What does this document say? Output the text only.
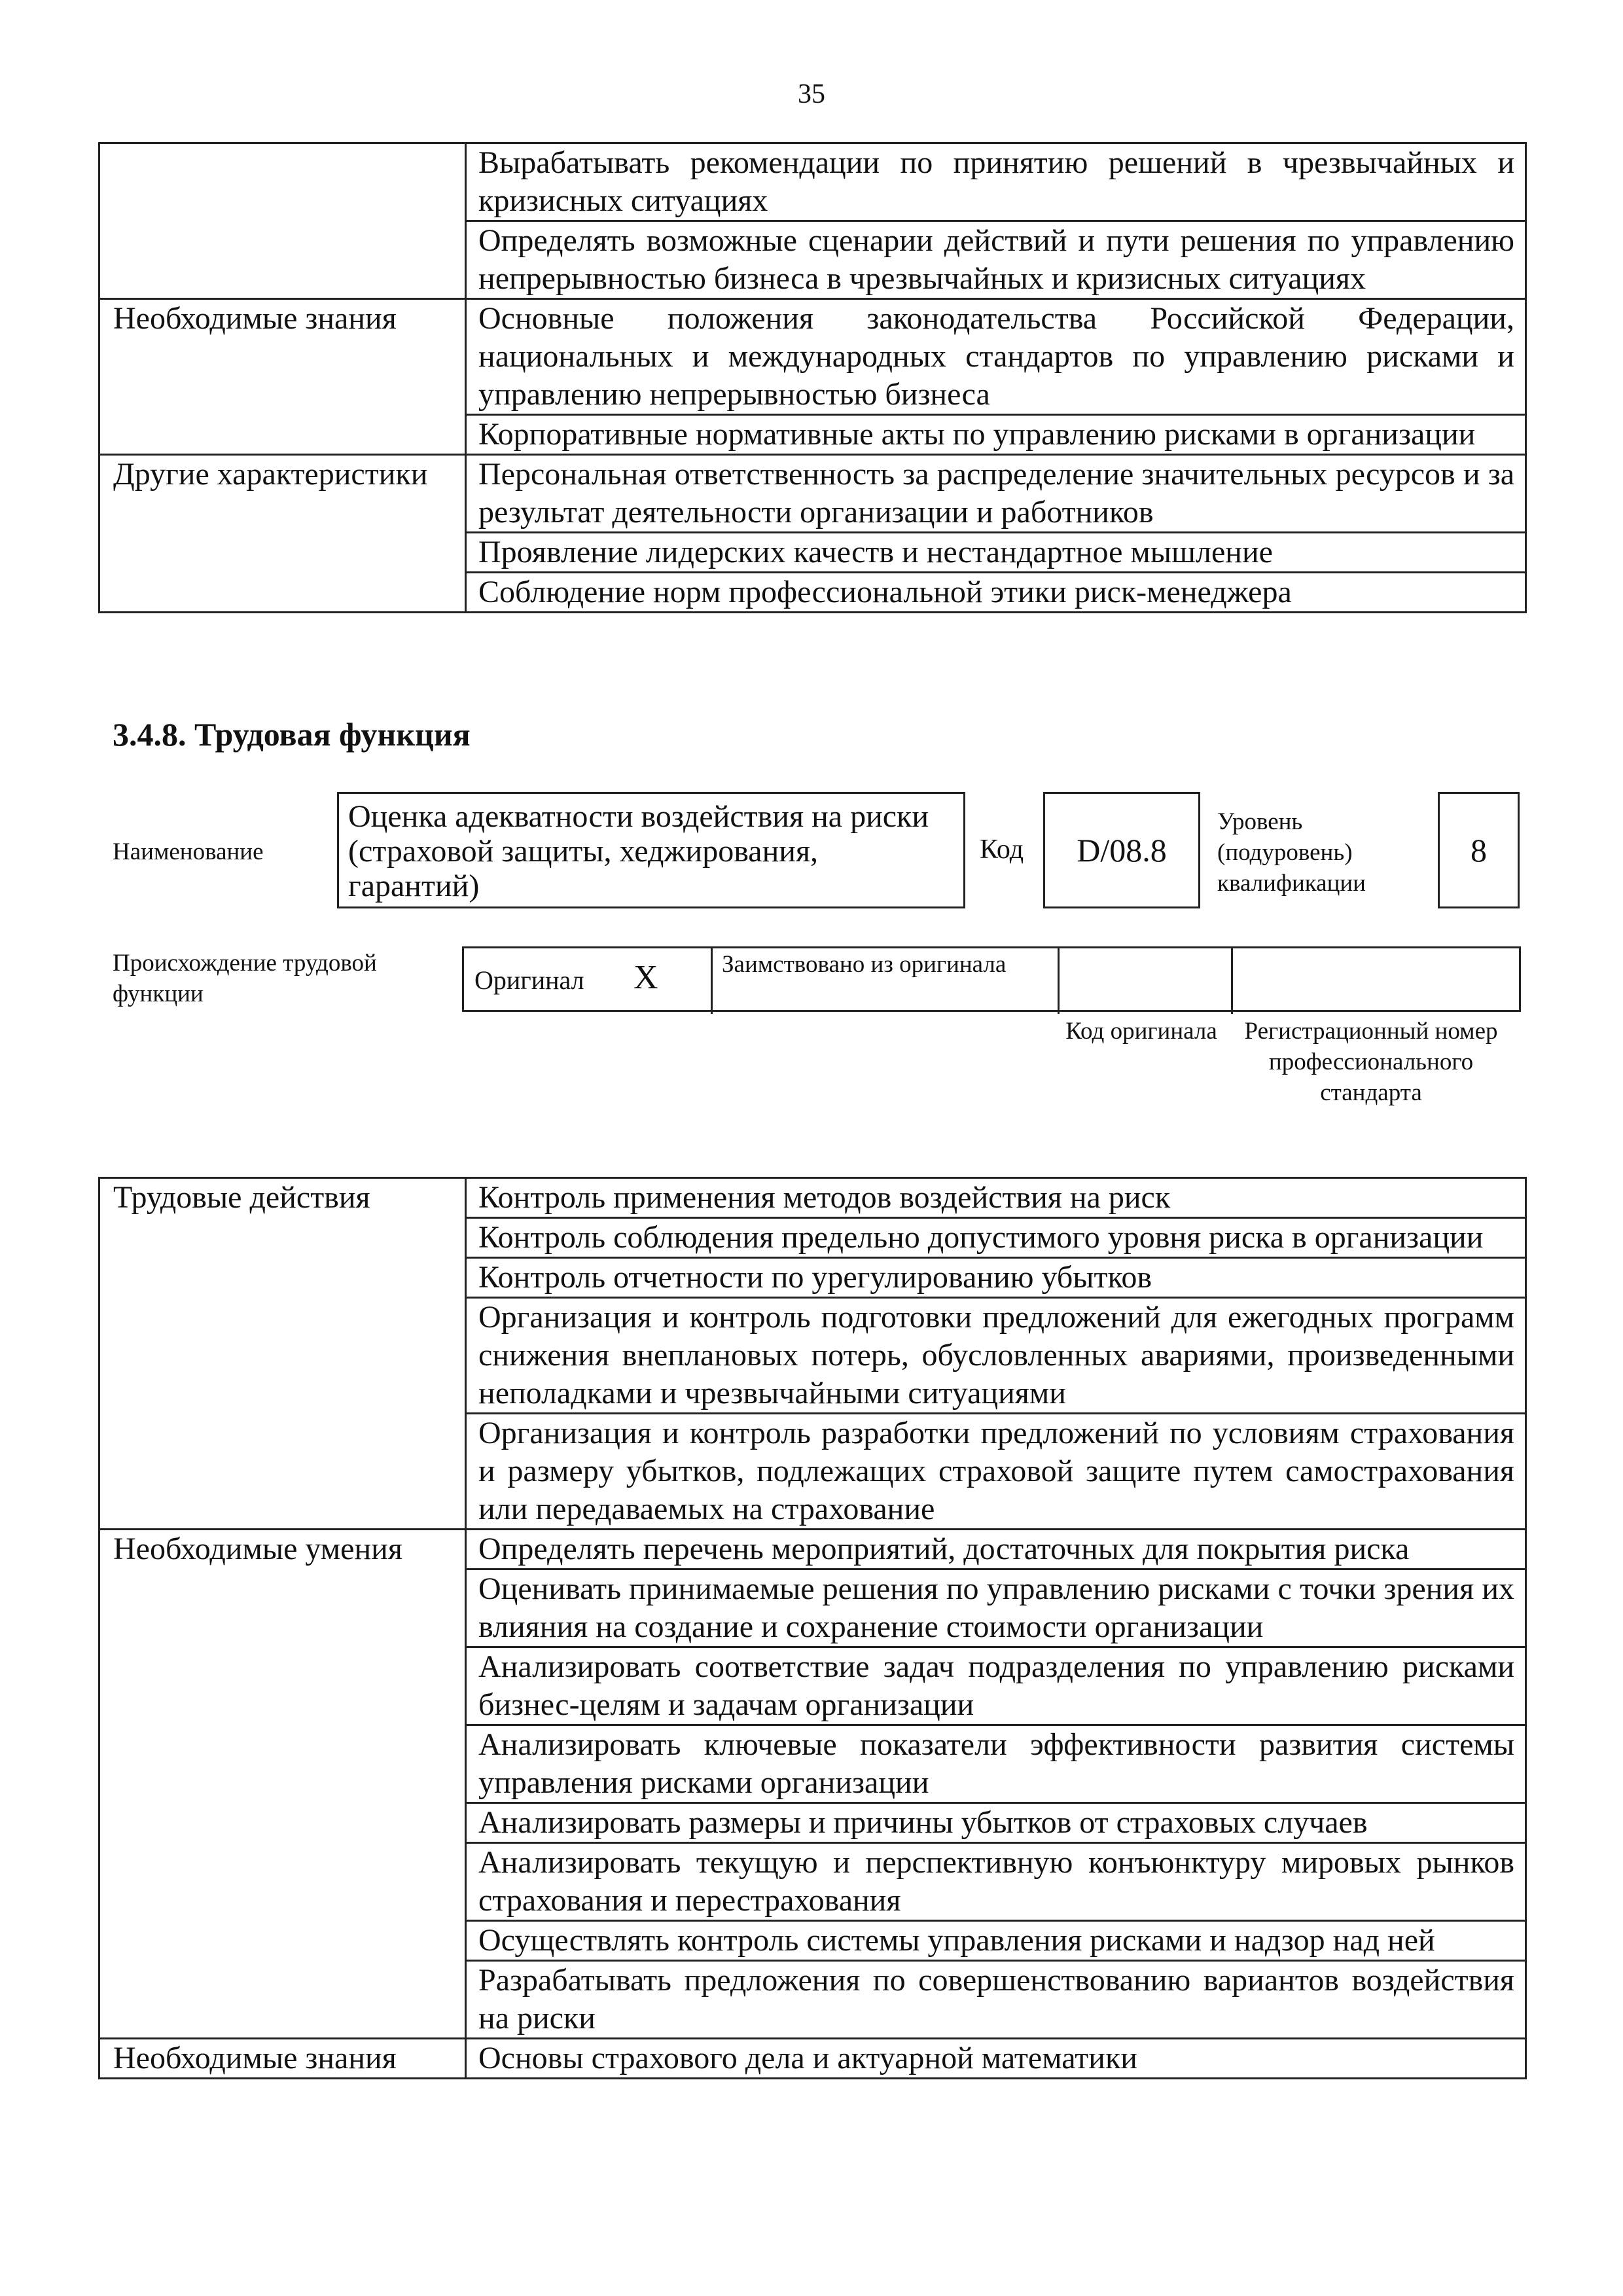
35
	Вырабатывать рекомендации по принятию решений в чрезвычайных и кризисных ситуациях
	Определять возможные сценарии действий и пути решения по управлению непрерывностью бизнеса в чрезвычайных и кризисных ситуациях
Необходимые знания	Основные положения законодательства Российской Федерации, национальных и международных стандартов по управлению рисками и управлению непрерывностью бизнеса
	Корпоративные нормативные акты по управлению рисками в организации
Другие характеристики	Персональная ответственность за распределение значительных ресурсов и за результат деятельности организации и работников
	Проявление лидерских качеств и нестандартное мышление
	Соблюдение норм профессиональной этики риск-менеджера
3.4.8. Трудовая функция
Наименование
Оценка адекватности воздействия на риски (страховой защиты, хеджирования, гарантий)
Код	D/08.8
Уровень (подуровень) квалификации
8
Происхождение трудовой функции	Оригинал X	Заимствовано из оригинала
Код оригинала	Регистрационный номер профессионального стандарта
Трудовые действия	Контроль применения методов воздействия на риск
	Контроль соблюдения предельно допустимого уровня риска в организации
	Контроль отчетности по урегулированию убытков
	Организация и контроль подготовки предложений для ежегодных программ снижения внеплановых потерь, обусловленных авариями, произведенными неполадками и чрезвычайными ситуациями
	Организация и контроль разработки предложений по условиям страхования и размеру убытков, подлежащих страховой защите путем самострахования или передаваемых на страхование
Необходимые умения	Определять перечень мероприятий, достаточных для покрытия риска
	Оценивать принимаемые решения по управлению рисками с точки зрения их влияния на создание и сохранение стоимости организации
	Анализировать соответствие задач подразделения по управлению рисками бизнес-целям и задачам организации
	Анализировать ключевые показатели эффективности развития системы управления рисками организации
	Анализировать размеры и причины убытков от страховых случаев
	Анализировать текущую и перспективную конъюнктуру мировых рынков страхования и перестрахования
	Осуществлять контроль системы управления рисками и надзор над ней
	Разрабатывать предложения по совершенствованию вариантов воздействия на риски
Необходимые знания	Основы страхового дела и актуарной математики
